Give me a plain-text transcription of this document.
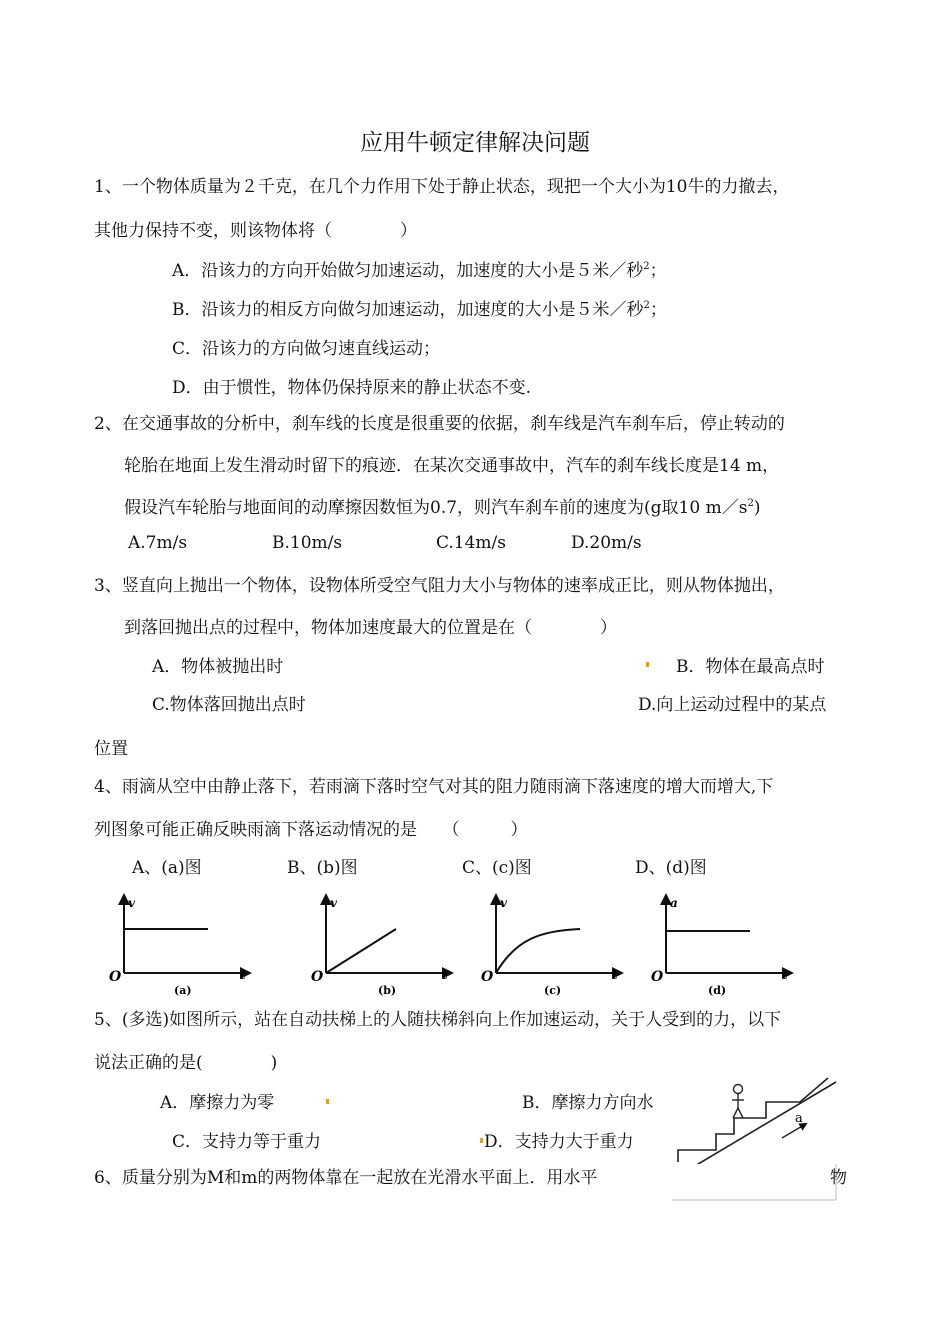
应用牛顿定律解决问题
1、一个物体质量为２千克，在几个力作用下处于静止状态，现把一个大小为10牛的力撤去，
其他力保持不变，则该物体将（　　　　）
A．沿该力的方向开始做匀加速运动，加速度的大小是５米／秒$^2$；
B．沿该力的相反方向做匀加速运动，加速度的大小是５米／秒$^2$；
C．沿该力的方向做匀速直线运动；
D．由于惯性，物体仍保持原来的静止状态不变.
2、在交通事故的分析中，刹车线的长度是很重要的依据，刹车线是汽车刹车后，停止转动的
轮胎在地面上发生滑动时留下的痕迹．在某次交通事故中，汽车的刹车线长度是14 m，
假设汽车轮胎与地面间的动摩擦因数恒为0.7，则汽车刹车前的速度为(g取10 $m/s^2$)
A.7m/s	B.10m/s	C.14m/s	D.20m/s
3、竖直向上抛出一个物体，设物体所受空气阻力大小与物体的速率成正比，则从物体抛出，
到落回抛出点的过程中，物体加速度最大的位置是在（　　　　）
A．物体被抛出时	B．物体在最高点时
C.物体落回抛出点时	D.向上运动过程中的某点
位置
4、雨滴从空中由静止落下，若雨滴下落时空气对其的阻力随雨滴下落速度的增大而增大,下
列图象可能正确反映雨滴下落运动情况的是　　（　　　）
A、(a)图	B、(b)图	C、(c)图	D、(d)图
v
t
O
(a)
v
t
O
(b)
v
t
O
(c)
a
t
O
(d)
5、(多选)如图所示，站在自动扶梯上的人随扶梯斜向上作加速运动，关于人受到的力，以下
说法正确的是(　　　　)
A．摩擦力为零	B．摩擦力方向水
C．支持力等于重力	D．支持力大于重力
a
6、质量分别为M和m的两物体靠在一起放在光滑水平面上．用水平	物
